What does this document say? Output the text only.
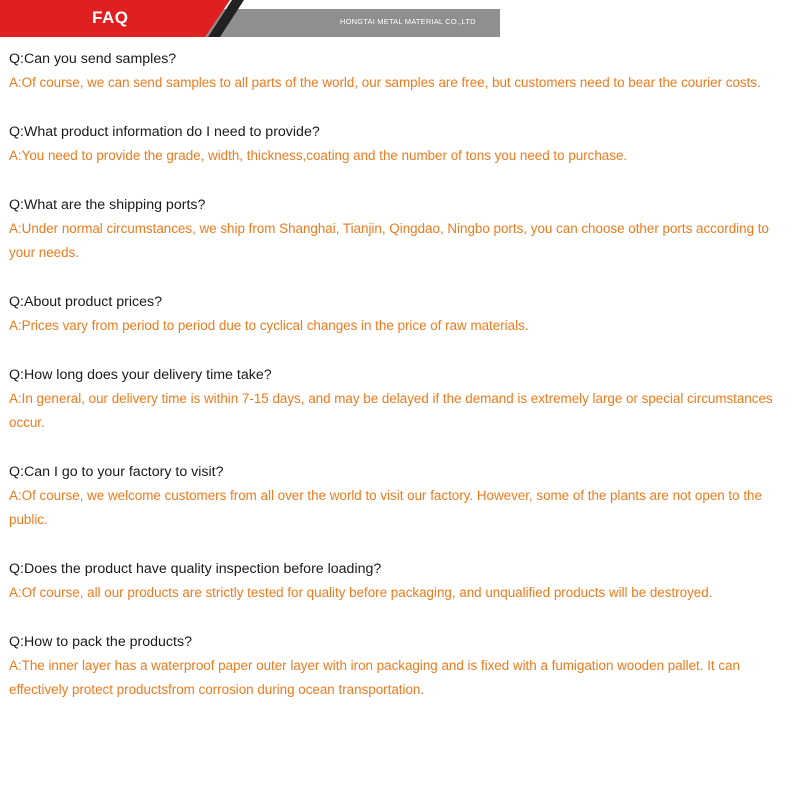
FAQ	HONGTAI METAL MATERIAL CO.,LTD
Q:Can you send samples?
A:Of course, we can send samples to all parts of the world, our samples are free, but customers need to bear the courier costs.
Q:What product information do I need to provide?
A:You need to provide the grade, width, thickness,coating and the number of tons you need to purchase.
Q:What are the shipping ports?
A:Under normal circumstances, we ship from Shanghai, Tianjin, Qingdao, Ningbo ports, you can choose other ports according to your needs.
Q:About product prices?
A:Prices vary from period to period due to cyclical changes in the price of raw materials.
Q:How long does your delivery time take?
A:In general, our delivery time is within 7-15 days, and may be delayed if the demand is extremely large or special circumstances occur.
Q:Can I go to your factory to visit?
A:Of course, we welcome customers from all over the world to visit our factory. However, some of the plants are not open to the public.
Q:Does the product have quality inspection before loading?
A:Of course, all our products are strictly tested for quality before packaging, and unqualified products will be destroyed.
Q:How to pack the products?
A:The inner layer has a waterproof paper outer layer with iron packaging and is fixed with a fumigation wooden pallet. It can effectively protect productsfrom corrosion during ocean transportation.
